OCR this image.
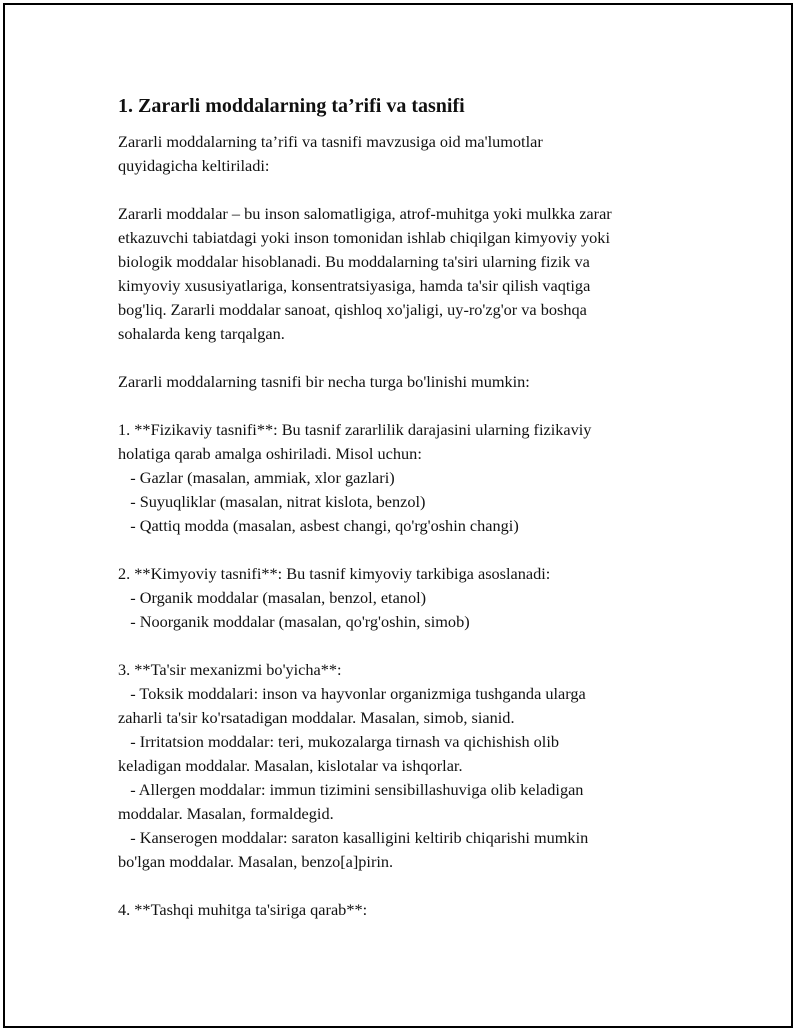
1. Zararli moddalarning ta’rifi va tasnifi

Zararli moddalarning ta’rifi va tasnifi mavzusiga oid ma'lumotlar

quyidagicha keltiriladi:

Zararli moddalar – bu inson salomatligiga, atrof-muhitga yoki mulkka zarar

etkazuvchi tabiatdagi yoki inson tomonidan ishlab chiqilgan kimyoviy yoki

biologik moddalar hisoblanadi. Bu moddalarning ta'siri ularning fizik va

kimyoviy xususiyatlariga, konsentratsiyasiga, hamda ta'sir qilish vaqtiga

bog'liq. Zararli moddalar sanoat, qishloq xo'jaligi, uy-ro'zg'or va boshqa

sohalarda keng tarqalgan.

Zararli moddalarning tasnifi bir necha turga bo'linishi mumkin:

1. **Fizikaviy tasnifi**: Bu tasnif zararlilik darajasini ularning fizikaviy

holatiga qarab amalga oshiriladi. Misol uchun:

- Gazlar (masalan, ammiak, xlor gazlari)

- Suyuqliklar (masalan, nitrat kislota, benzol)

- Qattiq modda (masalan, asbest changi, qo'rg'oshin changi)

2. **Kimyoviy tasnifi**: Bu tasnif kimyoviy tarkibiga asoslanadi:

- Organik moddalar (masalan, benzol, etanol)

- Noorganik moddalar (masalan, qo'rg'oshin, simob)

3. **Ta'sir mexanizmi bo'yicha**:

- Toksik moddalari: inson va hayvonlar organizmiga tushganda ularga

zaharli ta'sir ko'rsatadigan moddalar. Masalan, simob, sianid.

- Irritatsion moddalar: teri, mukozalarga tirnash va qichishish olib

keladigan moddalar. Masalan, kislotalar va ishqorlar.

- Allergen moddalar: immun tizimini sensibillashuviga olib keladigan

moddalar. Masalan, formaldegid.

- Kanserogen moddalar: saraton kasalligini keltirib chiqarishi mumkin

bo'lgan moddalar. Masalan, benzo[a]pirin.

4. **Tashqi muhitga ta'siriga qarab**:
